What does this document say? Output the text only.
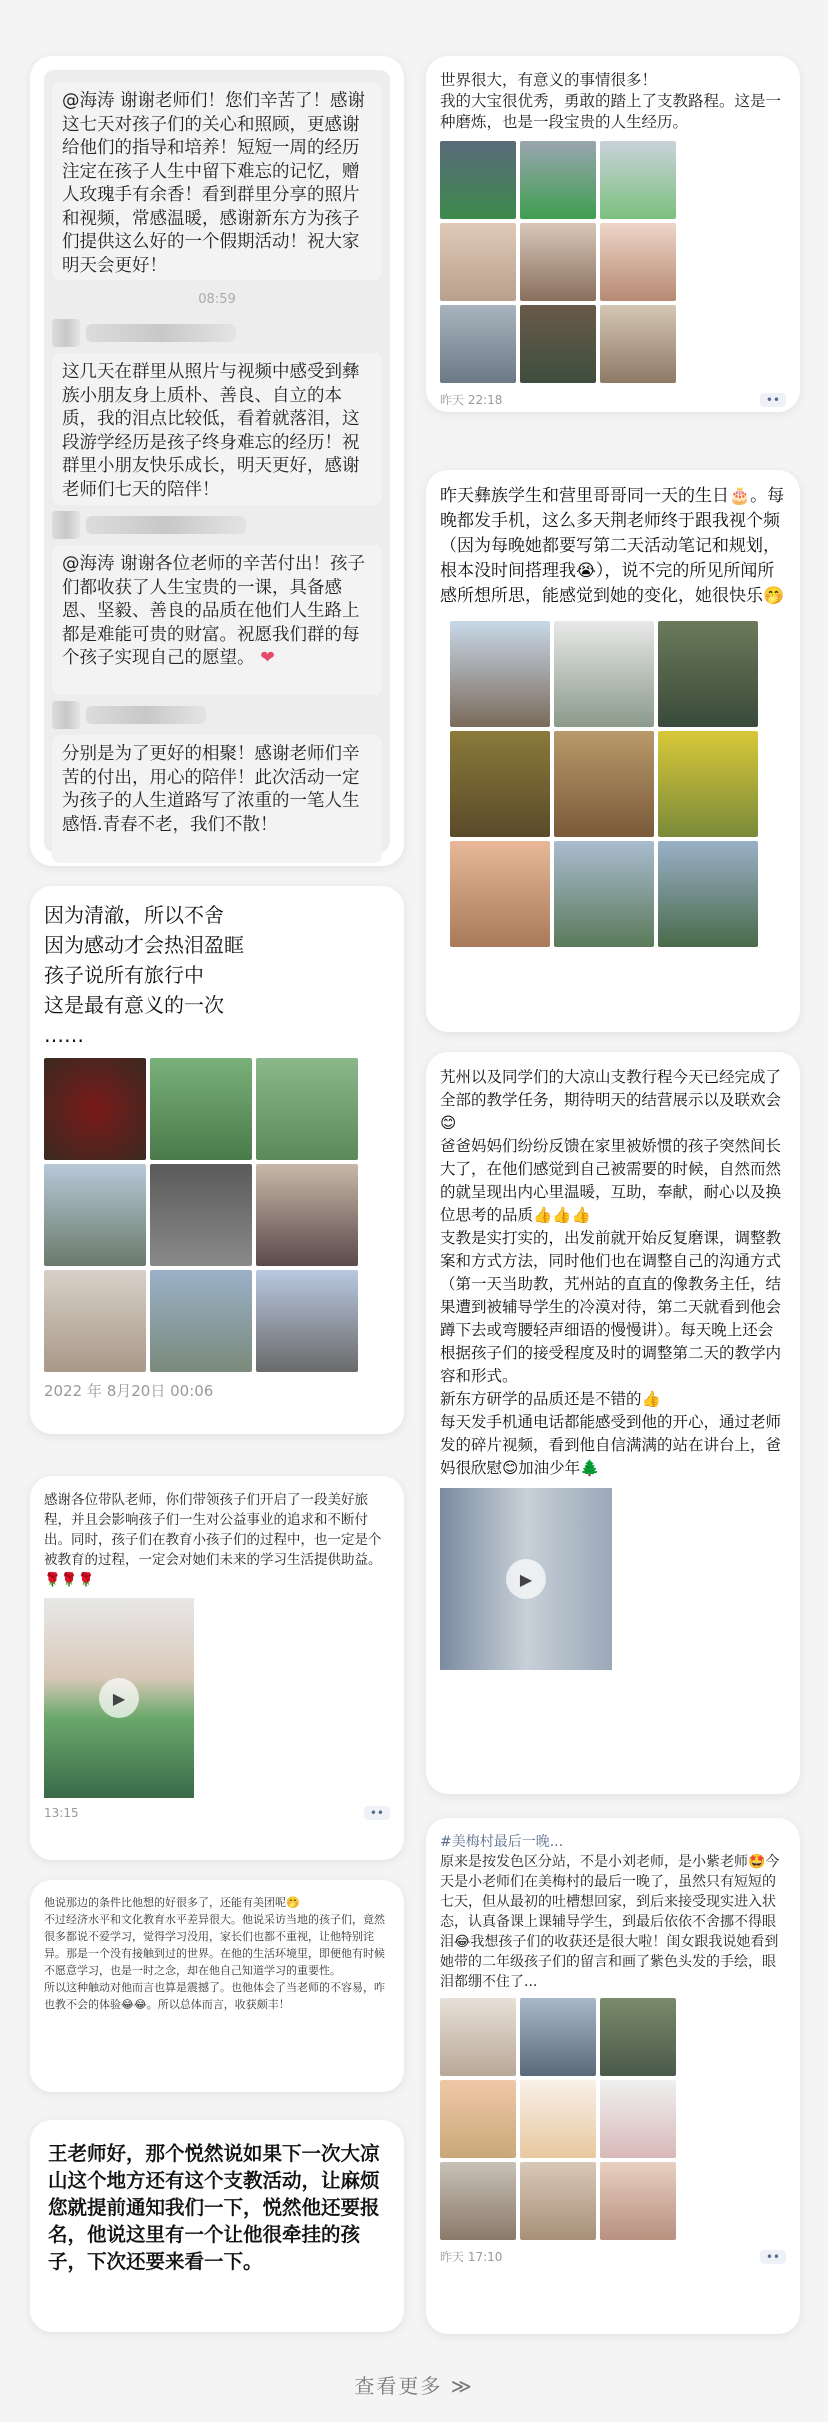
@海涛 谢谢老师们！您们辛苦了！感谢这七天对孩子们的关心和照顾，更感谢给他们的指导和培养！短短一周的经历注定在孩子人生中留下难忘的记忆，赠人玫瑰手有余香！看到群里分享的照片和视频，常感温暖，感谢新东方为孩子们提供这么好的一个假期活动！祝大家明天会更好！
08:59
这几天在群里从照片与视频中感受到彝族小朋友身上质朴、善良、自立的本质，我的泪点比较低，看着就落泪，这段游学经历是孩子终身难忘的经历！祝群里小朋友快乐成长，明天更好，感谢老师们七天的陪伴！
@海涛 谢谢各位老师的辛苦付出！孩子们都收获了人生宝贵的一课，具备感恩、坚毅、善良的品质在他们人生路上都是难能可贵的财富。祝愿我们群的每个孩子实现自己的愿望。 ❤
分别是为了更好的相聚！感谢老师们辛苦的付出，用心的陪伴！此次活动一定为孩子的人生道路写了浓重的一笔人生感悟.青春不老，我们不散！
世界很大，有意义的事情很多！
我的大宝很优秀，勇敢的踏上了支教路程。这是一种磨炼，也是一段宝贵的人生经历。
昨天 22:18	••
因为清澈，所以不舍
因为感动才会热泪盈眶
孩子说所有旅行中
这是最有意义的一次
……
2022 年 8月20日 00:06
昨天彝族学生和营里哥哥同一天的生日🎂。每晚都发手机，这么多天荆老师终于跟我视个频（因为每晚她都要写第二天活动笔记和规划，根本没时间搭理我😭），说不完的所见所闻所感所想所思，能感觉到她的变化，她很快乐🤭
感谢各位带队老师，你们带领孩子们开启了一段美好旅程，并且会影响孩子们一生对公益事业的追求和不断付出。同时，孩子们在教育小孩子们的过程中，也一定是个被教育的过程，一定会对她们未来的学习生活提供助益。🌹🌹🌹
▶
13:15	••
艽州以及同学们的大凉山支教行程今天已经完成了全部的教学任务，期待明天的结营展示以及联欢会😊
爸爸妈妈们纷纷反馈在家里被娇惯的孩子突然间长大了，在他们感觉到自己被需要的时候，自然而然的就呈现出内心里温暖，互助，奉献，耐心以及换位思考的品质👍👍👍
支教是实打实的，出发前就开始反复磨课，调整教案和方式方法，同时他们也在调整自己的沟通方式（第一天当助教，艽州站的直直的像教务主任，结果遭到被辅导学生的冷漠对待，第二天就看到他会蹲下去或弯腰轻声细语的慢慢讲）。每天晚上还会根据孩子们的接受程度及时的调整第二天的教学内容和形式。
新东方研学的品质还是不错的👍
每天发手机通电话都能感受到他的开心，通过老师发的碎片视频，看到他自信满满的站在讲台上，爸妈很欣慰😊加油少年🌲
▶
他说那边的条件比他想的好很多了，还能有美团呢🤭
不过经济水平和文化教育水平差异很大。他说采访当地的孩子们，竟然很多都说不爱学习，觉得学习没用，家长们也都不重视，让他特别诧异。那是一个没有接触到过的世界。在他的生活环境里，即便他有时候不愿意学习，也是一时之念，却在他自己知道学习的重要性。
所以这种触动对他而言也算是震撼了。也他体会了当老师的不容易，咋也教不会的体验😂😂。所以总体而言，收获颇丰！
王老师好，那个悦然说如果下一次大凉山这个地方还有这个支教活动，让麻烦您就提前通知我们一下，悦然他还要报名，他说这里有一个让他很牵挂的孩子，下次还要来看一下。
#美梅村最后一晚...
原来是按发色区分站，不是小刘老师，是小紫老师🤩今天是小老师们在美梅村的最后一晚了，虽然只有短短的七天，但从最初的吐槽想回家，到后来接受现实进入状态，认真备课上课辅导学生，到最后依依不舍挪不得眼泪😂我想孩子们的收获还是很大啦！闺女跟我说她看到她带的二年级孩子们的留言和画了紫色头发的手绘，眼泪都绷不住了...
昨天 17:10	••
查看更多 ≫
